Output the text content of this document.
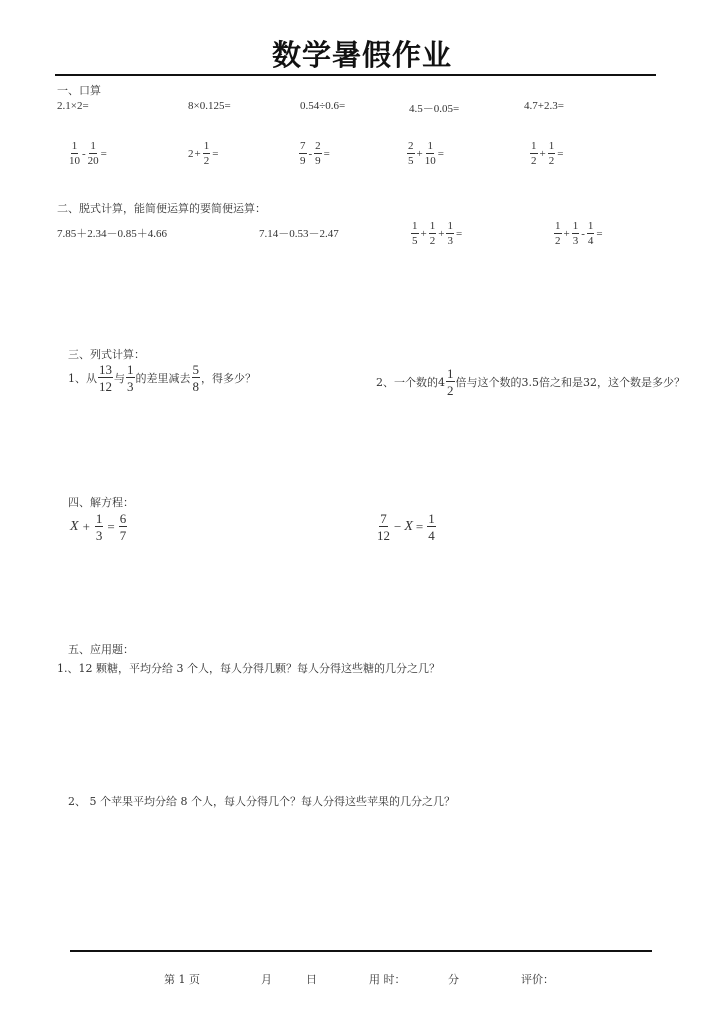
数学暑假作业
一、口算
2.1×2=	8×0.125=	0.54÷0.6=	4.5－0.05=	4.7+2.3=
$\frac{1}{10} - \frac{1}{20}$ =	$2 + \frac{1}{2}$ =	$\frac{7}{9} - \frac{2}{9}$ =	$\frac{2}{5} + \frac{1}{10}$ =	$\frac{1}{2} + \frac{1}{2}$ =
二、脱式计算，能简便运算的要简便运算：
7.85＋2.34－0.85＋4.66	7.14－0.53－2.47	$\frac{1}{5} + \frac{1}{2} + \frac{1}{3}$ =	$\frac{1}{2} + \frac{1}{3} - \frac{1}{4}$ =
三、列式计算：
1、从 $\frac{13}{12}$ 与 $\frac{1}{3}$ 的差里减去 $\frac{5}{8}$ ，得多少？	2、一个数的$4 \frac{1}{2}$ 倍与这个数的3.5倍之和是32，这个数是多少？
四、解方程：
$X + \frac{1}{3} = \frac{6}{7}$	$\frac{7}{12} - X = \frac{1}{4}$
五、应用题：
1.、12 颗糖，平均分给 3 个人，每人分得几颗？每人分得这些糖的几分之几？
2、 5 个苹果平均分给 8 个人，每人分得几个？每人分得这些苹果的几分之几？
第 1 页	月	日	用 时：	分	评价：
